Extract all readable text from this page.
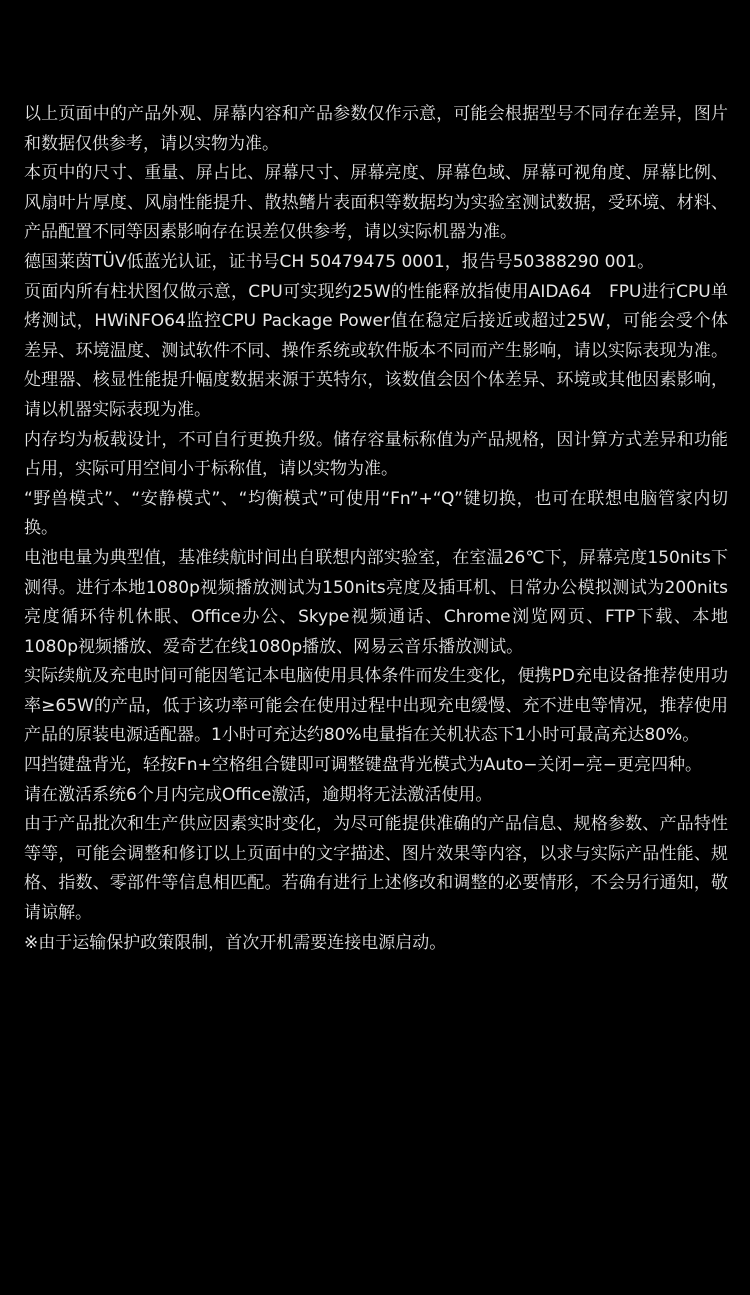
以上页面中的产品外观、屏幕内容和产品参数仅作示意，可能会根据型号不同存在差异，图片和数据仅供参考，请以实物为准。

本页中的尺寸、重量、屏占比、屏幕尺寸、屏幕亮度、屏幕色域、屏幕可视角度、屏幕比例、风扇叶片厚度、风扇性能提升、散热鳍片表面积等数据均为实验室测试数据，受环境、材料、产品配置不同等因素影响存在误差仅供参考，请以实际机器为准。

德国莱茵TÜV低蓝光认证，证书号CH 50479475 0001，报告号50388290 001。

页面内所有柱状图仅做示意，CPU可实现约25W的性能释放指使用AIDA64　FPU进行CPU单烤测试，HWiNFO64监控CPU Package Power值在稳定后接近或超过25W，可能会受个体差异、环境温度、测试软件不同、操作系统或软件版本不同而产生影响，请以实际表现为准。处理器、核显性能提升幅度数据来源于英特尔，该数值会因个体差异、环境或其他因素影响，请以机器实际表现为准。

内存均为板载设计，不可自行更换升级。储存容量标称值为产品规格，因计算方式差异和功能占用，实际可用空间小于标称值，请以实物为准。

“野兽模式”、“安静模式”、“均衡模式”可使用“Fn”+“Q”键切换，也可在联想电脑管家内切换。

电池电量为典型值，基准续航时间出自联想内部实验室，在室温26℃下，屏幕亮度150nits下测得。进行本地1080p视频播放测试为150nits亮度及插耳机、日常办公模拟测试为200nits亮度循环待机休眠、Office办公、Skype视频通话、Chrome浏览网页、FTP下载、本地1080p视频播放、爱奇艺在线1080p播放、网易云音乐播放测试。

实际续航及充电时间可能因笔记本电脑使用具体条件而发生变化，便携PD充电设备推荐使用功率≥65W的产品，低于该功率可能会在使用过程中出现充电缓慢、充不进电等情况，推荐使用产品的原装电源适配器。1小时可充达约80%电量指在关机状态下1小时可最高充达80%。

四挡键盘背光，轻按Fn+空格组合键即可调整键盘背光模式为Auto−关闭−亮−更亮四种。

请在激活系统6个月内完成Office激活，逾期将无法激活使用。

由于产品批次和生产供应因素实时变化，为尽可能提供准确的产品信息、规格参数、产品特性等等，可能会调整和修订以上页面中的文字描述、图片效果等内容，以求与实际产品性能、规格、指数、零部件等信息相匹配。若确有进行上述修改和调整的必要情形，不会另行通知，敬请谅解。

※由于运输保护政策限制，首次开机需要连接电源启动。
